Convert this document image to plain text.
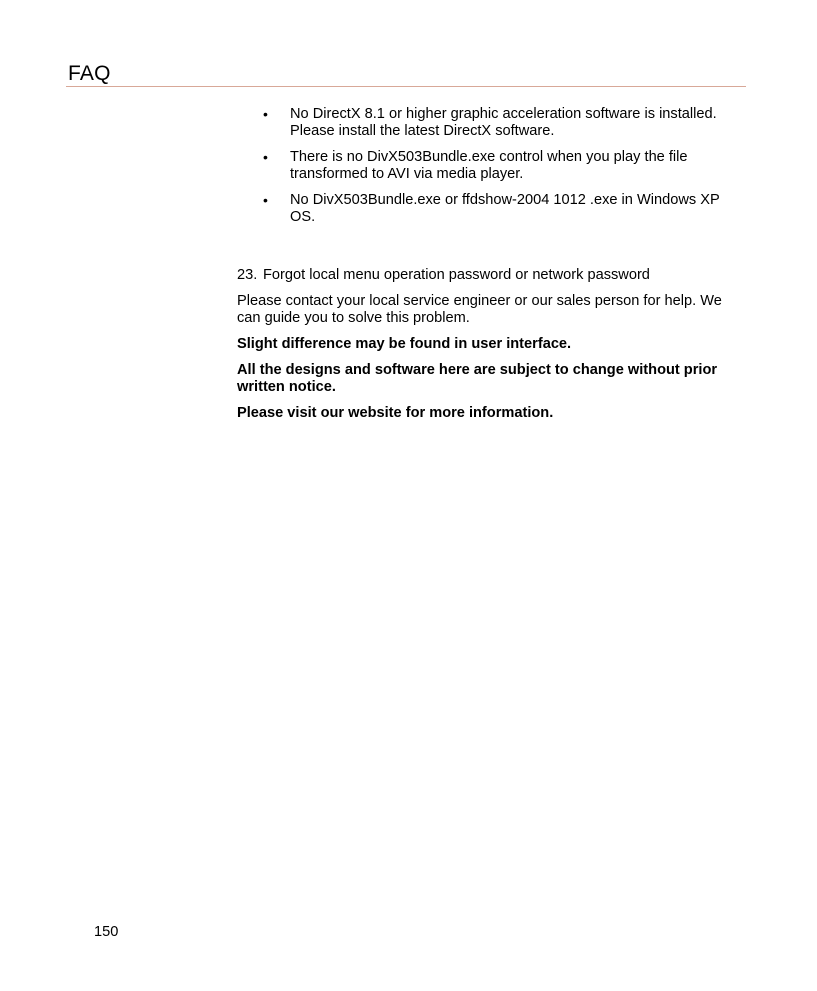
FAQ
• No DirectX 8.1 or higher graphic acceleration software is installed. Please install the latest DirectX software.
• There is no DivX503Bundle.exe control when you play the file transformed to AVI via media player.
• No DivX503Bundle.exe or ffdshow-2004 1012 .exe in Windows XP OS.
23. Forgot local menu operation password or network password
Please contact your local service engineer or our sales person for help. We can guide you to solve this problem.
Slight difference may be found in user interface.
All the designs and software here are subject to change without prior written notice.
Please visit our website for more information.
150
